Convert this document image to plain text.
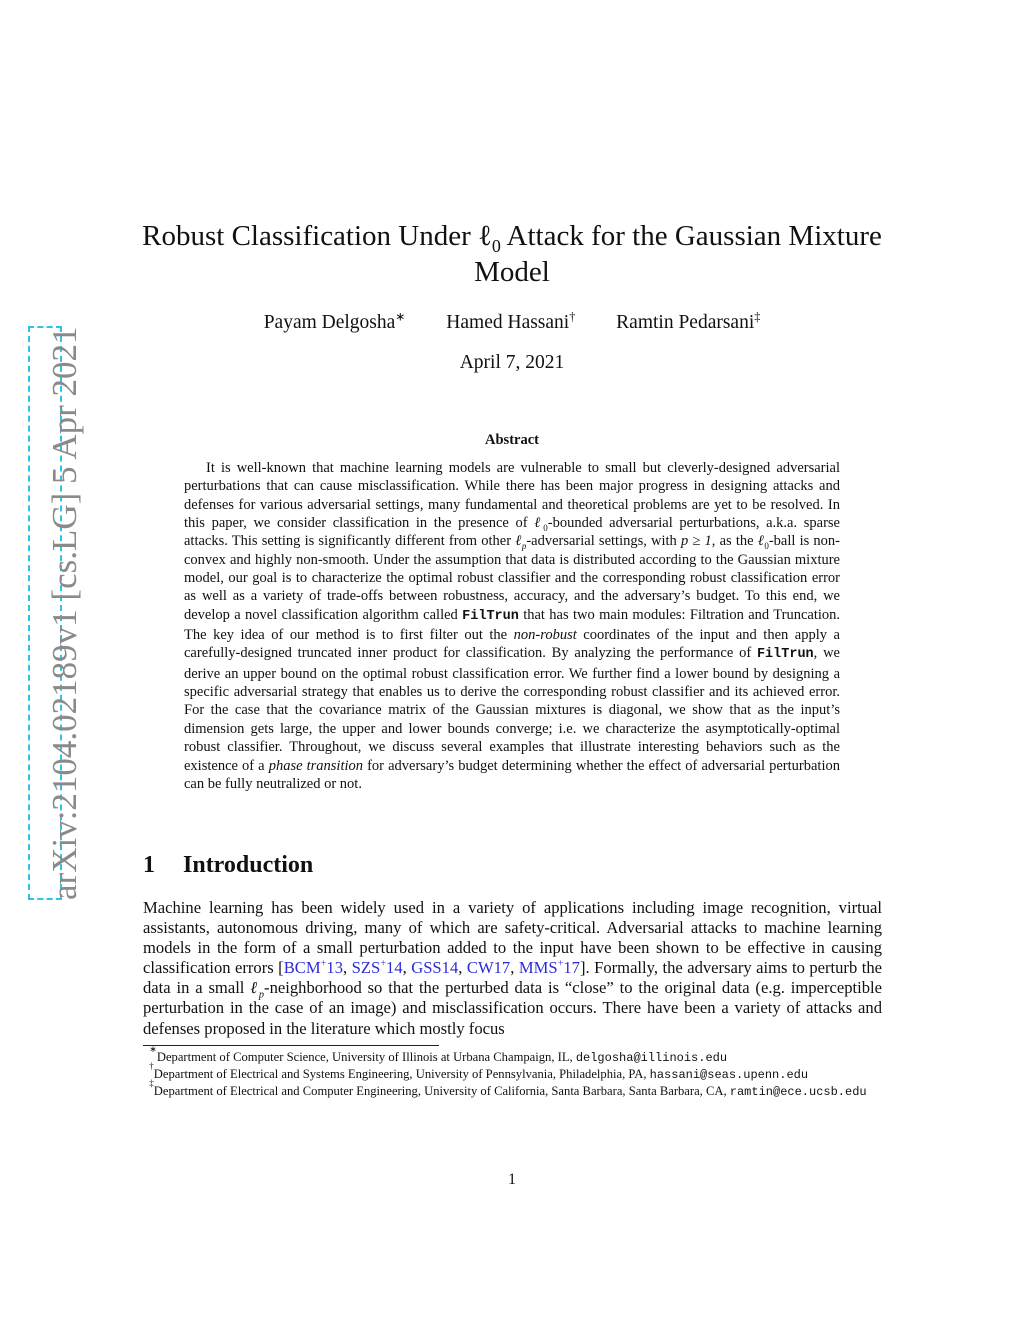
arXiv:2104.02189v1 [cs.LG] 5 Apr 2021
Robust Classification Under ℓ$_0$ Attack for the Gaussian Mixture
Model
Payam Delgosha∗ Hamed Hassani† Ramtin Pedarsani‡
April 7, 2021
Abstract
It is well-known that machine learning models are vulnerable to small but cleverly-designed adversarial perturbations that can cause misclassification. While there has been major progress in designing attacks and defenses for various adversarial settings, many fundamental and theoretical problems are yet to be resolved. In this paper, we consider classification in the presence of ℓ$_0$-bounded adversarial perturbations, a.k.a. sparse attacks. This setting is significantly different from other ℓ$_p$-adversarial settings, with p ≥ 1, as the ℓ$_0$-ball is non-convex and highly non-smooth. Under the assumption that data is distributed according to the Gaussian mixture model, our goal is to characterize the optimal robust classifier and the corresponding robust classification error as well as a variety of trade-offs between robustness, accuracy, and the adversary’s budget. To this end, we develop a novel classification algorithm called FilTrun that has two main modules: Filtration and Truncation. The key idea of our method is to first filter out the non-robust coordinates of the input and then apply a carefully-designed truncated inner product for classification. By analyzing the performance of FilTrun, we derive an upper bound on the optimal robust classification error. We further find a lower bound by designing a specific adversarial strategy that enables us to derive the corresponding robust classifier and its achieved error. For the case that the covariance matrix of the Gaussian mixtures is diagonal, we show that as the input’s dimension gets large, the upper and lower bounds converge; i.e. we characterize the asymptotically-optimal robust classifier. Throughout, we discuss several examples that illustrate interesting behaviors such as the existence of a phase transition for adversary’s budget determining whether the effect of adversarial perturbation can be fully neutralized or not.
1 Introduction
Machine learning has been widely used in a variety of applications including image recognition, virtual assistants, autonomous driving, many of which are safety-critical. Adversarial attacks to machine learning models in the form of a small perturbation added to the input have been shown to be effective in causing classification errors [BCM+13, SZS+14, GSS14, CW17, MMS+17]. Formally, the adversary aims to perturb the data in a small ℓ$_p$-neighborhood so that the perturbed data is “close” to the original data (e.g. imperceptible perturbation in the case of an image) and misclassification occurs. There have been a variety of attacks and defenses proposed in the literature which mostly focus
∗Department of Computer Science, University of Illinois at Urbana Champaign, IL, delgosha@illinois.edu
†Department of Electrical and Systems Engineering, University of Pennsylvania, Philadelphia, PA, hassani@seas.upenn.edu
‡Department of Electrical and Computer Engineering, University of California, Santa Barbara, Santa Barbara, CA, ramtin@ece.ucsb.edu
1
